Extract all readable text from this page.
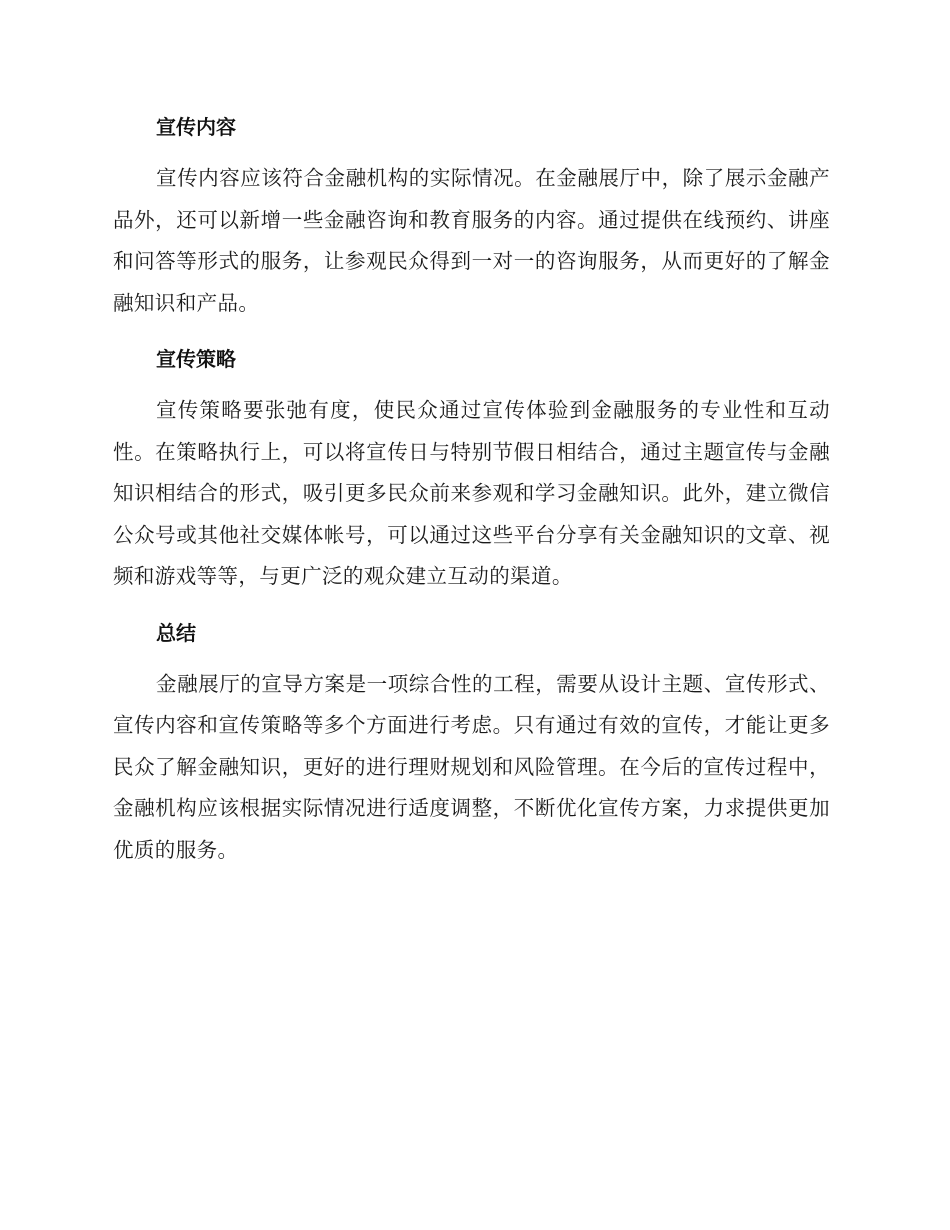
宣传内容

宣传内容应该符合金融机构的实际情况。在金融展厅中，除了展示金融产品外，还可以新增一些金融咨询和教育服务的内容。通过提供在线预约、讲座和问答等形式的服务，让参观民众得到一对一的咨询服务，从而更好的了解金融知识和产品。

宣传策略

宣传策略要张弛有度，使民众通过宣传体验到金融服务的专业性和互动性。在策略执行上，可以将宣传日与特别节假日相结合，通过主题宣传与金融知识相结合的形式，吸引更多民众前来参观和学习金融知识。此外，建立微信公众号或其他社交媒体帐号，可以通过这些平台分享有关金融知识的文章、视频和游戏等等，与更广泛的观众建立互动的渠道。

总结

金融展厅的宣导方案是一项综合性的工程，需要从设计主题、宣传形式、宣传内容和宣传策略等多个方面进行考虑。只有通过有效的宣传，才能让更多民众了解金融知识，更好的进行理财规划和风险管理。在今后的宣传过程中，金融机构应该根据实际情况进行适度调整，不断优化宣传方案，力求提供更加优质的服务。
